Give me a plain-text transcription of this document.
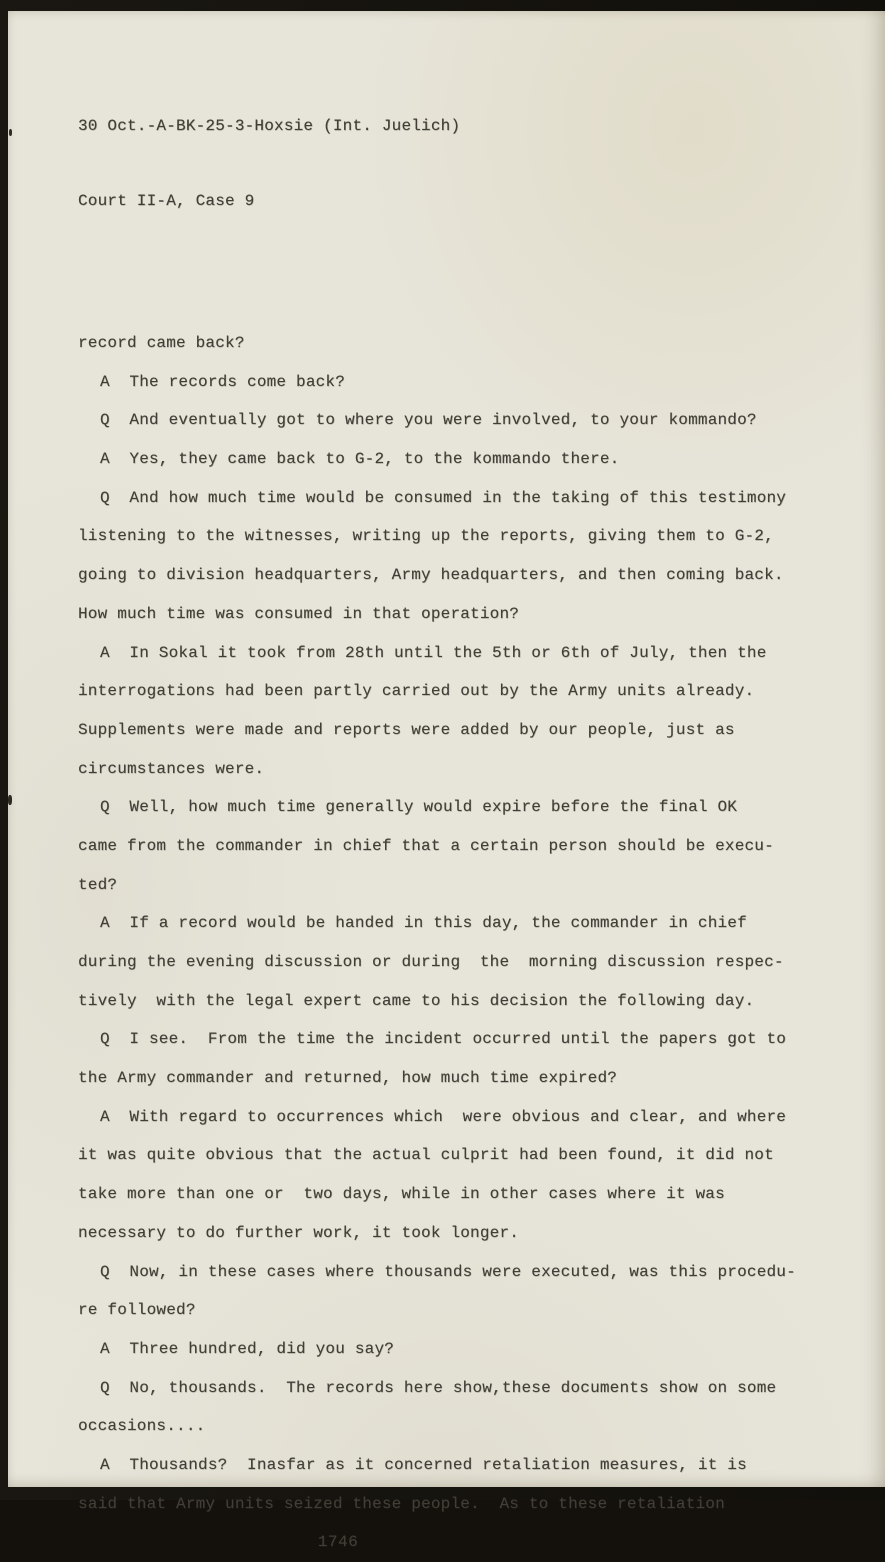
30 Oct.-A-BK-25-3-Hoxsie (Int. Juelich)

Court II-A, Case 9

record came back?

A  The records come back?

Q  And eventually got to where you were involved, to your kommando?

A  Yes, they came back to G-2, to the kommando there.

Q  And how much time would be consumed in the taking of this testimony

listening to the witnesses, writing up the reports, giving them to G-2,

going to division headquarters, Army headquarters, and then coming back.

How much time was consumed in that operation?

A  In Sokal it took from 28th until the 5th or 6th of July, then the

interrogations had been partly carried out by the Army units already.

Supplements were made and reports were added by our people, just as

circumstances were.

Q  Well, how much time generally would expire before the final OK

came from the commander in chief that a certain person should be execu-

ted?

A  If a record would be handed in this day, the commander in chief

during the evening discussion or during  the  morning discussion respec-

tively  with the legal expert came to his decision the following day.

Q  I see.  From the time the incident occurred until the papers got to

the Army commander and returned, how much time expired?

A  With regard to occurrences which  were obvious and clear, and where

it was quite obvious that the actual culprit had been found, it did not

take more than one or  two days, while in other cases where it was

necessary to do further work, it took longer.

Q  Now, in these cases where thousands were executed, was this procedu-

re followed?

A  Three hundred, did you say?

Q  No, thousands.  The records here show,these documents show on some

occasions....

A  Thousands?  Inasfar as it concerned retaliation measures, it is

said that Army units seized these people.  As to these retaliation

1746
